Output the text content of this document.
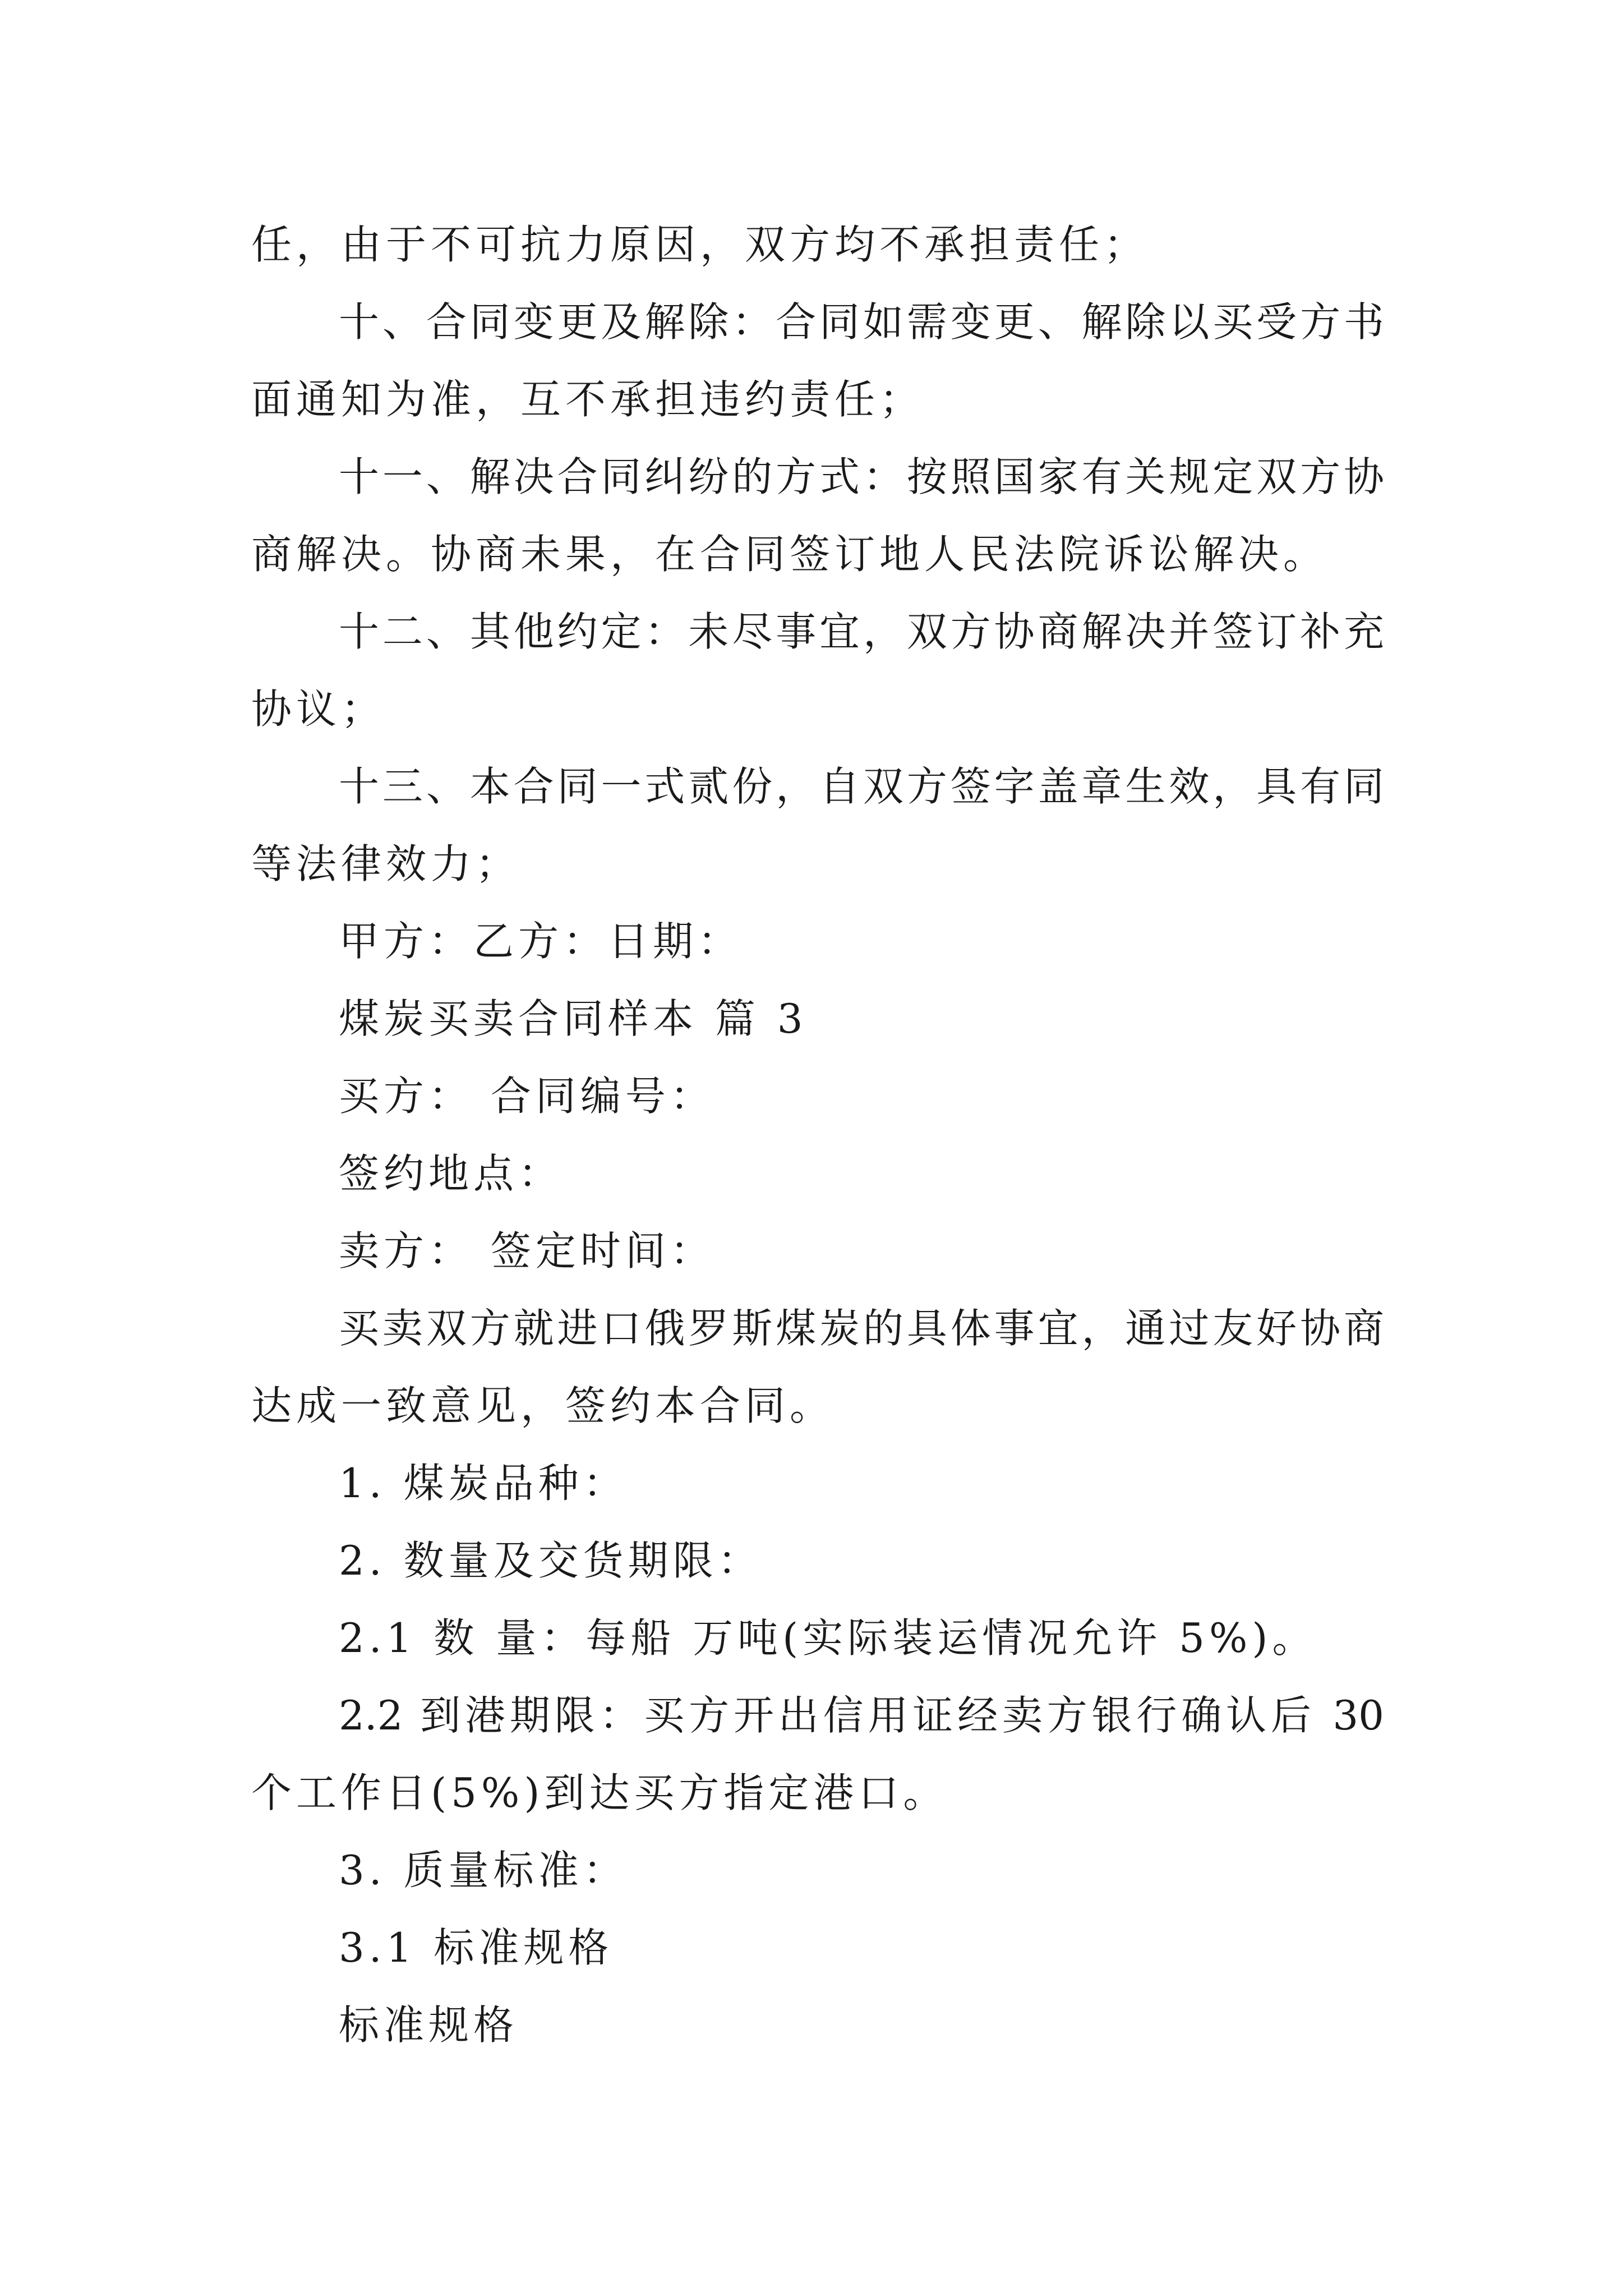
任，由于不可抗力原因，双方均不承担责任；
十、合同变更及解除：合同如需变更、解除以买受方书
面通知为准，互不承担违约责任；
十一、解决合同纠纷的方式：按照国家有关规定双方协
商解决。协商未果，在合同签订地人民法院诉讼解决。
十二、其他约定：未尽事宜，双方协商解决并签订补充
协议；
十三、本合同一式贰份，自双方签字盖章生效，具有同
等法律效力；
甲方：乙方：日期：
煤炭买卖合同样本 篇 3
买方： 合同编号：
签约地点：
卖方： 签定时间：
买卖双方就进口俄罗斯煤炭的具体事宜，通过友好协商
达成一致意见，签约本合同。
1. 煤炭品种：
2. 数量及交货期限：
2.1 数 量：每船 万吨(实际装运情况允许 5%)。
2.2 到港期限：买方开出信用证经卖方银行确认后 30
个工作日(5%)到达买方指定港口。
3. 质量标准：
3.1 标准规格
标准规格
